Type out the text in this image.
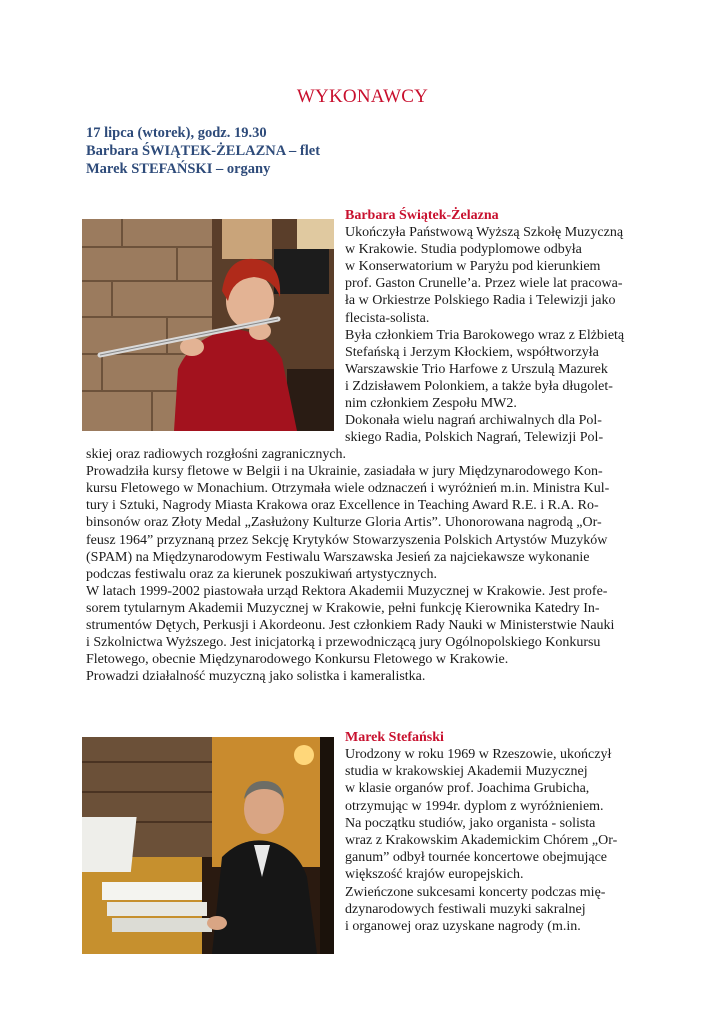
WYKONAWCY
17 lipca (wtorek), godz. 19.30
Barbara ŚWIĄTEK-ŻELAZNA – flet
Marek STEFAŃSKI – organy
Barbara Świątek-Żelazna
Ukończyła Państwową Wyższą Szkołę Muzyczną
w Krakowie. Studia podyplomowe odbyła
w Konserwatorium w Paryżu pod kierunkiem
prof. Gaston Crunelle’a. Przez wiele lat pracowa-
ła w Orkiestrze Polskiego Radia i Telewizji jako
flecista-solista.
Była członkiem Tria Barokowego wraz z Elżbietą
Stefańską i Jerzym Kłockiem, współtworzyła
Warszawskie Trio Harfowe z Urszulą Mazurek
i Zdzisławem Polonkiem, a także była długolet-
nim członkiem Zespołu MW2.
Dokonała wielu nagrań archiwalnych dla Pol-
skiego Radia, Polskich Nagrań, Telewizji Pol-
skiej oraz radiowych rozgłośni zagranicznych.
Prowadziła kursy fletowe w Belgii i na Ukrainie, zasiadała w jury Międzynarodowego Kon-
kursu Fletowego w Monachium. Otrzymała wiele odznaczeń i wyróżnień m.in. Ministra Kul-
tury i Sztuki, Nagrody Miasta Krakowa oraz Excellence in Teaching Award R.E. i R.A. Ro-
binsonów oraz Złoty Medal „Zasłużony Kulturze Gloria Artis”. Uhonorowana nagrodą „Or-
feusz 1964” przyznaną przez Sekcję Krytyków Stowarzyszenia Polskich Artystów Muzyków
(SPAM) na Międzynarodowym Festiwalu Warszawska Jesień za najciekawsze wykonanie
podczas festiwalu oraz za kierunek poszukiwań artystycznych.
W latach 1999-2002 piastowała urząd Rektora Akademii Muzycznej w Krakowie. Jest profe-
sorem tytularnym Akademii Muzycznej w Krakowie, pełni funkcję Kierownika Katedry In-
strumentów Dętych, Perkusji i Akordeonu. Jest członkiem Rady Nauki w Ministerstwie Nauki
i Szkolnictwa Wyższego. Jest inicjatorką i przewodniczącą jury Ogólnopolskiego Konkursu
Fletowego, obecnie Międzynarodowego Konkursu Fletowego w Krakowie.
Prowadzi działalność muzyczną jako solistka i kameralistka.
Marek Stefański
Urodzony w roku 1969 w Rzeszowie, ukończył
studia w krakowskiej Akademii Muzycznej
w klasie organów prof. Joachima Grubicha,
otrzymując w 1994r. dyplom z wyróżnieniem.
Na początku studiów, jako organista - solista
wraz z Krakowskim Akademickim Chórem „Or-
ganum” odbył tournée koncertowe obejmujące
większość krajów europejskich.
Zwieńczone sukcesami koncerty podczas mię-
dzynarodowych festiwali muzyki sakralnej
i organowej oraz uzyskane nagrody (m.in.
